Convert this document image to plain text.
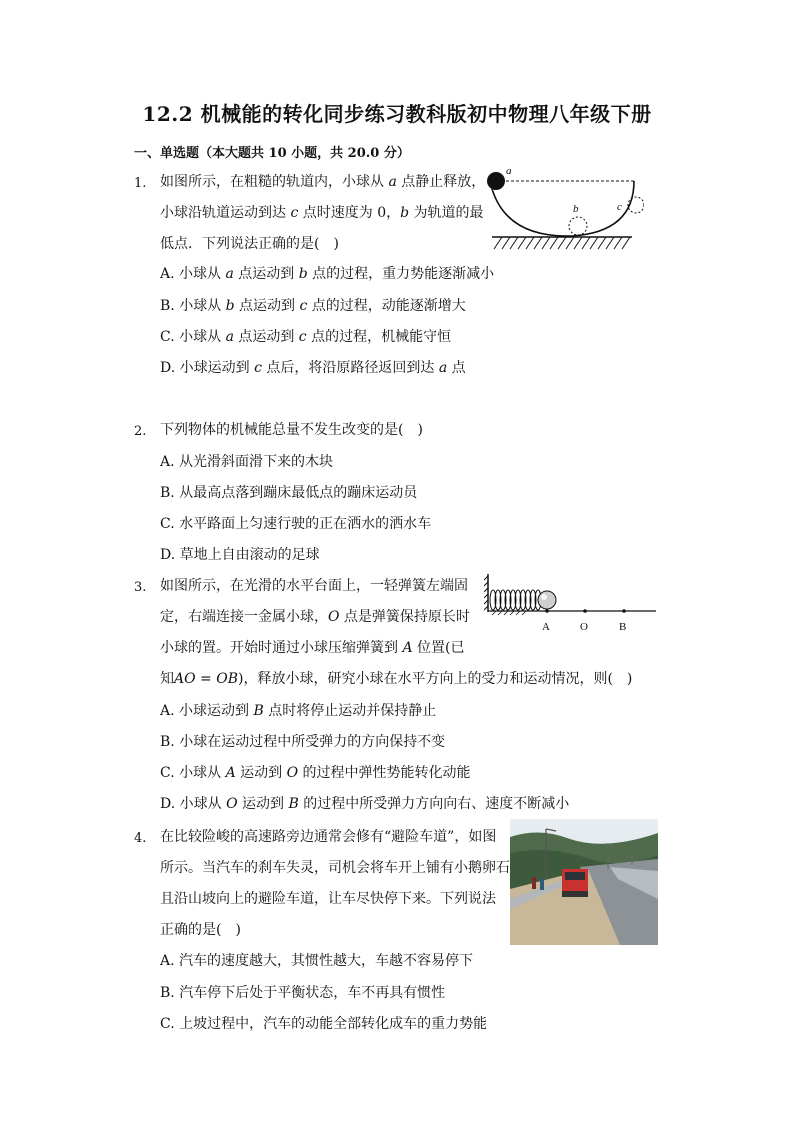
12.2 机械能的转化同步练习教科版初中物理八年级下册
一、单选题（本大题共 10 小题，共 20.0 分）
1. 如图所示，在粗糙的轨道内，小球从 𝑎 点静止释放，
小球沿轨道运动到达 𝑐 点时速度为 0，𝑏 为轨道的最
低点．下列说法正确的是(　)
A. 小球从 𝑎 点运动到 𝑏 点的过程，重力势能逐渐减小
B. 小球从 𝑏 点运动到 𝑐 点的过程，动能逐渐增大
C. 小球从 𝑎 点运动到 𝑐 点的过程，机械能守恒
D. 小球运动到 𝑐 点后，将沿原路径返回到达 𝑎 点
a
b	c
2. 下列物体的机械能总量不发生改变的是(　)
A. 从光滑斜面滑下来的木块
B. 从最高点落到蹦床最低点的蹦床运动员
C. 水平路面上匀速行驶的正在洒水的洒水车
D. 草地上自由滚动的足球
3. 如图所示，在光滑的水平台面上，一轻弹簧左端固
定，右端连接一金属小球，𝑂 点是弹簧保持原长时
小球的置。开始时通过小球压缩弹簧到 𝐴 位置(已
知𝐴𝑂 = 𝑂𝐵)，释放小球，研究小球在水平方向上的受力和运动情况，则(　)
A. 小球运动到 𝐵 点时将停止运动并保持静止
B. 小球在运动过程中所受弹力的方向保持不变
C. 小球从 𝐴 运动到 𝑂 的过程中弹性势能转化动能
D. 小球从 𝑂 运动到 𝐵 的过程中所受弹力方向向右、速度不断减小
A	O	B
4. 在比较险峻的高速路旁边通常会修有“避险车道”，如图
所示。当汽车的刹车失灵，司机会将车开上铺有小鹅卵石
且沿山坡向上的避险车道，让车尽快停下来。下列说法
正确的是(　)
A. 汽车的速度越大，其惯性越大，车越不容易停下
B. 汽车停下后处于平衡状态，车不再具有惯性
C. 上坡过程中，汽车的动能全部转化成车的重力势能
